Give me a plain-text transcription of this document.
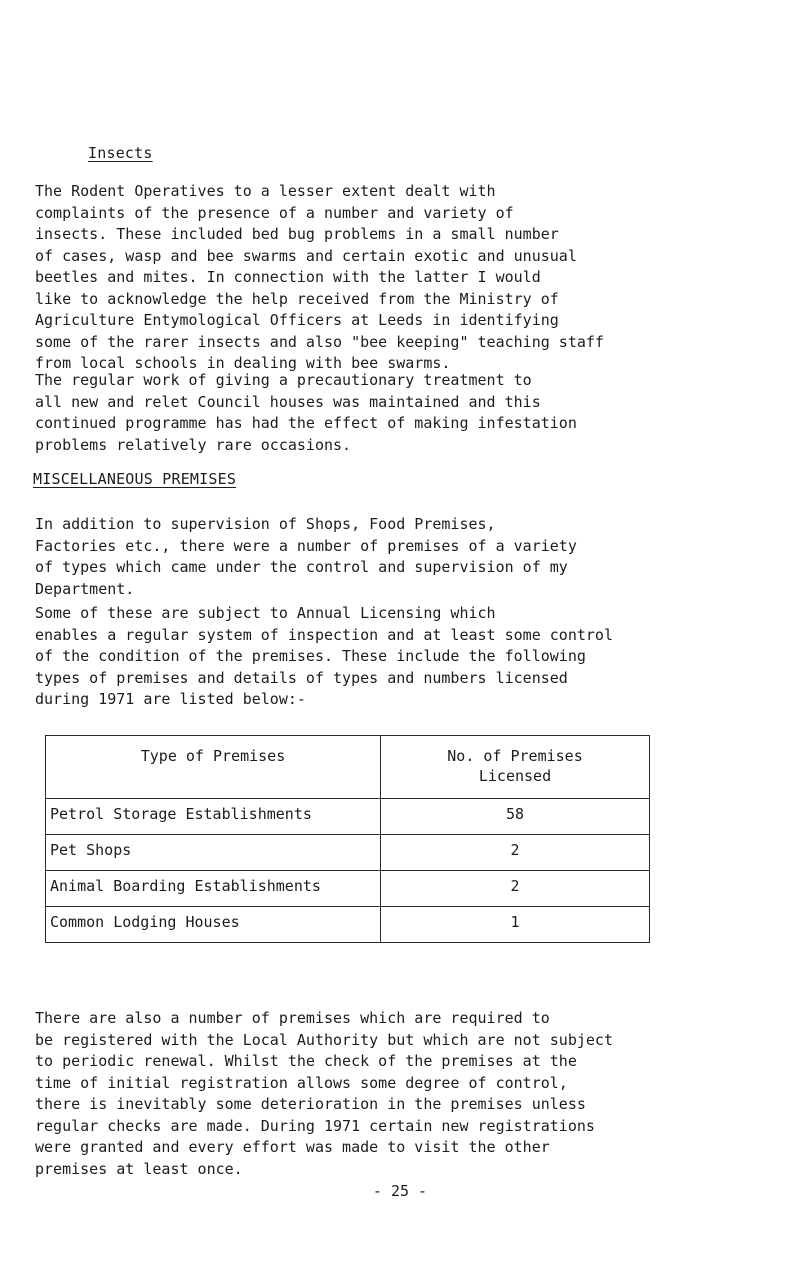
Insects

The Rodent Operatives to a lesser extent dealt with
complaints of the presence of a number and variety of
insects. These included bed bug problems in a small number
of cases, wasp and bee swarms and certain exotic and unusual
beetles and mites. In connection with the latter I would
like to acknowledge the help received from the Ministry of
Agriculture Entymological Officers at Leeds in identifying
some of the rarer insects and also "bee keeping" teaching staff
from local schools in dealing with bee swarms.

The regular work of giving a precautionary treatment to
all new and relet Council houses was maintained and this
continued programme has had the effect of making infestation
problems relatively rare occasions.

MISCELLANEOUS PREMISES

In addition to supervision of Shops, Food Premises,
Factories etc., there were a number of premises of a variety
of types which came under the control and supervision of my
Department.

Some of these are subject to Annual Licensing which
enables a regular system of inspection and at least some control
of the condition of the premises. These include the following
types of premises and details of types and numbers licensed
during 1971 are listed below:-

Type of Premises	No. of Premises
Licensed
Petrol Storage Establishments	58
Pet Shops	2
Animal Boarding Establishments	2
Common Lodging Houses	1

There are also a number of premises which are required to
be registered with the Local Authority but which are not subject
to periodic renewal. Whilst the check of the premises at the
time of initial registration allows some degree of control,
there is inevitably some deterioration in the premises unless
regular checks are made. During 1971 certain new registrations
were granted and every effort was made to visit the other
premises at least once.

- 25 -
